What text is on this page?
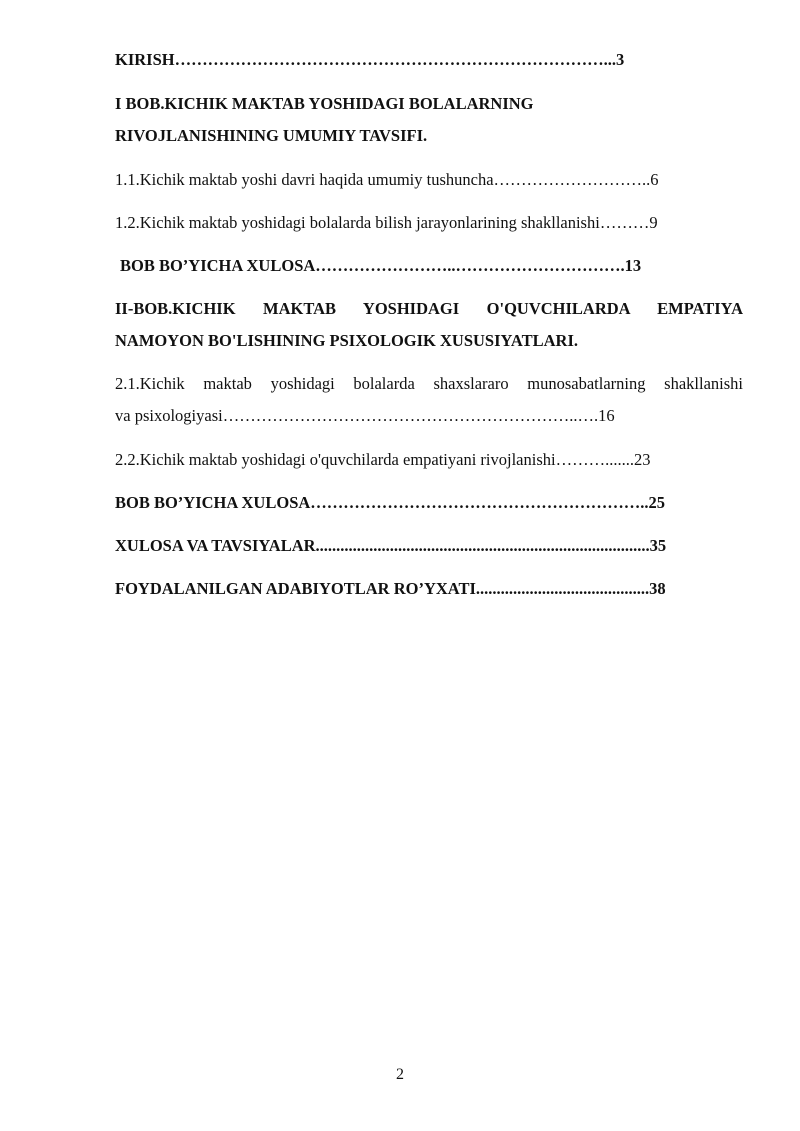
KIRISH……………………………………………………………………...3

I BOB.KICHIK MAKTAB YOSHIDAGI BOLALARNING

RIVOJLANISHINING UMUMIY TAVSIFI.

1.1.Kichik maktab yoshi davri haqida umumiy tushuncha………………………..6

1.2.Kichik maktab yoshidagi bolalarda bilish jarayonlarining shakllanishi………9

BOB BO’YICHA XULOSA……………………..………………………….13

II-BOB.KICHIK MAKTAB YOSHIDAGI O'QUVCHILARDA EMPATIYA

NAMOYON BO'LISHINING PSIXOLOGIK XUSUSIYATLARI.

2.1.Kichik maktab yoshidagi bolalarda shaxslararo munosabatlarning shakllanishi

va psixologiyasi………………………………………………………..….16

2.2.Kichik maktab yoshidagi o'quvchilarda empatiyani rivojlanishi……….......23

BOB BO’YICHA XULOSA……………………………………………………..25

XULOSA VA TAVSIYALAR.................................................................................35

FOYDALANILGAN ADABIYOTLAR RO’YXATI..........................................38

2
